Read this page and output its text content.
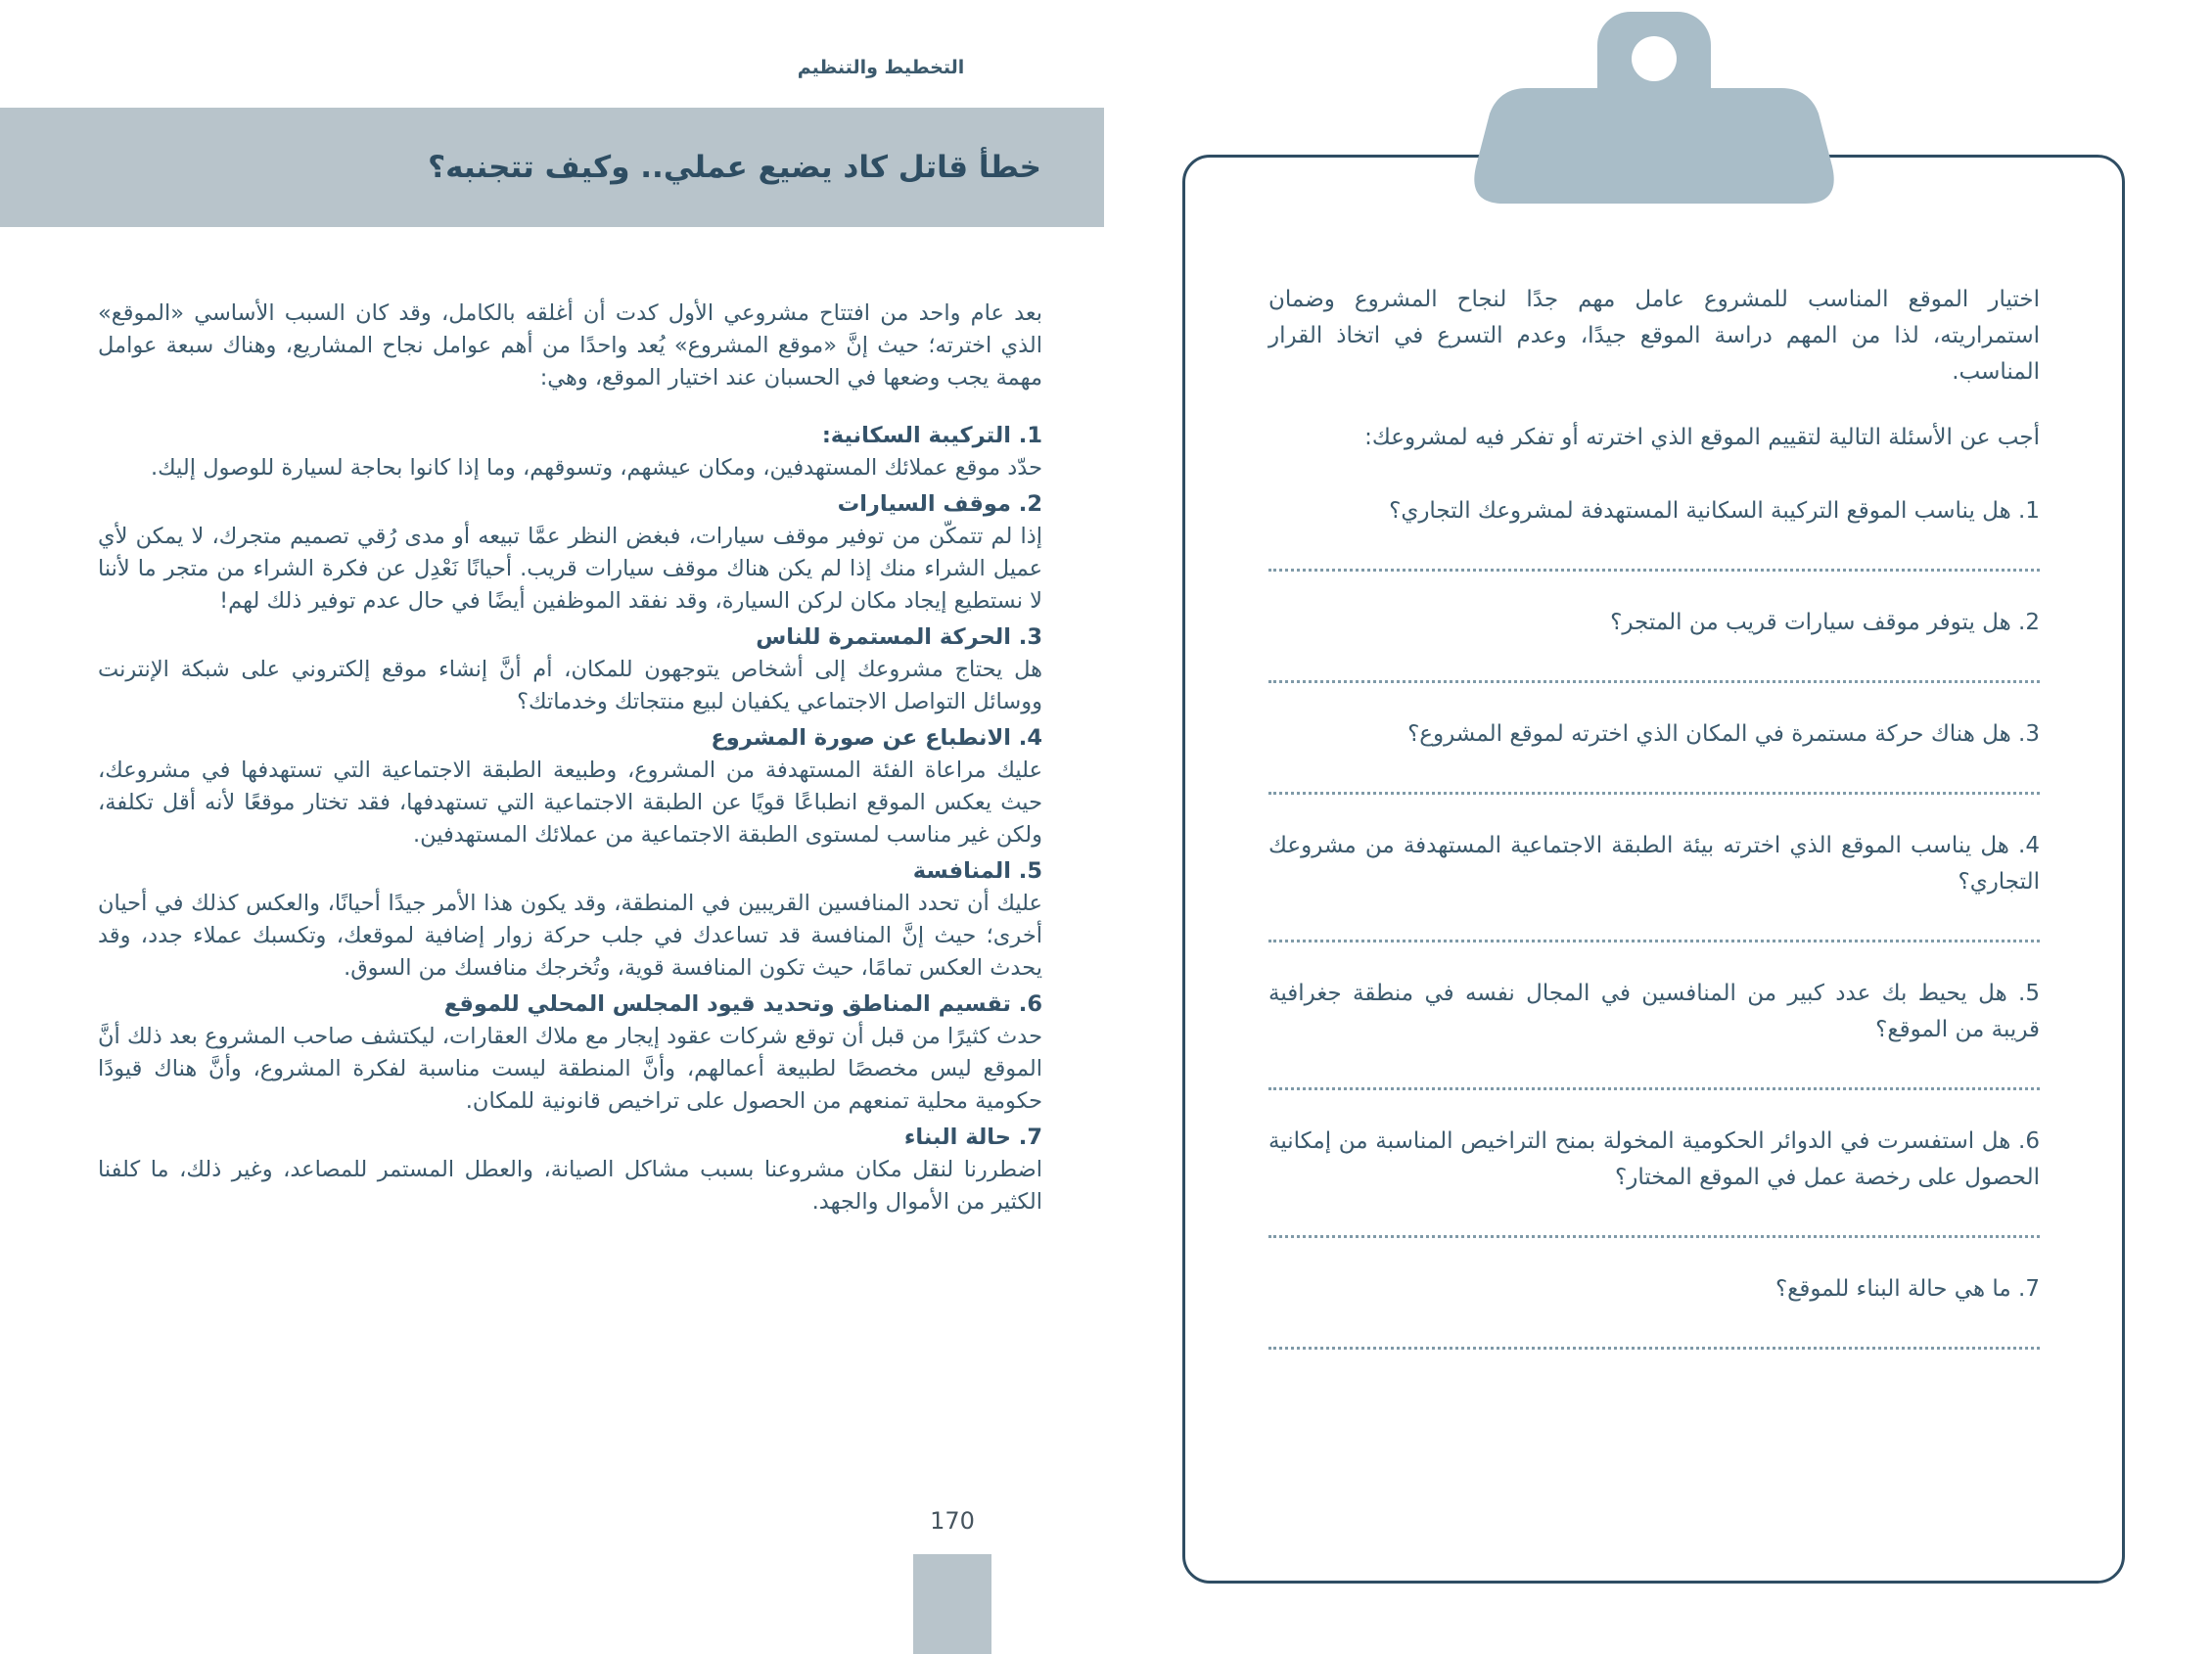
التخطيط والتنظيم
خطأ قاتل كاد يضيع عملي.. وكيف تتجنبه؟

بعد عام واحد من افتتاح مشروعي الأول كدت أن أغلقه بالكامل، وقد كان السبب الأساسي «الموقع» الذي اخترته؛ حيث إنَّ «موقع المشروع» يُعد واحدًا من أهم عوامل نجاح المشاريع، وهناك سبعة عوامل مهمة يجب وضعها في الحسبان عند اختيار الموقع، وهي:

1. التركيبة السكانية:

حدّد موقع عملائك المستهدفين، ومكان عيشهم، وتسوقهم، وما إذا كانوا بحاجة لسيارة للوصول إليك.

2. موقف السيارات

إذا لم تتمكّن من توفير موقف سيارات، فبغض النظر عمَّا تبيعه أو مدى رُقي تصميم متجرك، لا يمكن لأي عميل الشراء منك إذا لم يكن هناك موقف سيارات قريب. أحيانًا نَعْدِل عن فكرة الشراء من متجر ما لأننا لا نستطيع إيجاد مكان لركن السيارة، وقد نفقد الموظفين أيضًا في حال عدم توفير ذلك لهم!

3. الحركة المستمرة للناس

هل يحتاج مشروعك إلى أشخاص يتوجهون للمكان، أم أنَّ إنشاء موقع إلكتروني على شبكة الإنترنت ووسائل التواصل الاجتماعي يكفيان لبيع منتجاتك وخدماتك؟

4. الانطباع عن صورة المشروع

عليك مراعاة الفئة المستهدفة من المشروع، وطبيعة الطبقة الاجتماعية التي تستهدفها في مشروعك، حيث يعكس الموقع انطباعًا قويًا عن الطبقة الاجتماعية التي تستهدفها، فقد تختار موقعًا لأنه أقل تكلفة، ولكن غير مناسب لمستوى الطبقة الاجتماعية من عملائك المستهدفين.

5. المنافسة

عليك أن تحدد المنافسين القريبين في المنطقة، وقد يكون هذا الأمر جيدًا أحيانًا، والعكس كذلك في أحيان أخرى؛ حيث إنَّ المنافسة قد تساعدك في جلب حركة زوار إضافية لموقعك، وتكسبك عملاء جدد، وقد يحدث العكس تمامًا، حيث تكون المنافسة قوية، وتُخرجك منافسك من السوق.

6. تقسيم المناطق وتحديد قيود المجلس المحلي للموقع

حدث كثيرًا من قبل أن توقع شركات عقود إيجار مع ملاك العقارات، ليكتشف صاحب المشروع بعد ذلك أنَّ الموقع ليس مخصصًا لطبيعة أعمالهم، وأنَّ المنطقة ليست مناسبة لفكرة المشروع، وأنَّ هناك قيودًا حكومية محلية تمنعهم من الحصول على تراخيص قانونية للمكان.

7. حالة البناء

اضطررنا لنقل مكان مشروعنا بسبب مشاكل الصيانة، والعطل المستمر للمصاعد، وغير ذلك، ما كلفنا الكثير من الأموال والجهد.

170

اختيار الموقع المناسب للمشروع عامل مهم جدًا لنجاح المشروع وضمان استمراريته، لذا من المهم دراسة الموقع جيدًا، وعدم التسرع في اتخاذ القرار المناسب.

أجب عن الأسئلة التالية لتقييم الموقع الذي اخترته أو تفكر فيه لمشروعك:

1. هل يناسب الموقع التركيبة السكانية المستهدفة لمشروعك التجاري؟

2. هل يتوفر موقف سيارات قريب من المتجر؟

3. هل هناك حركة مستمرة في المكان الذي اخترته لموقع المشروع؟

4. هل يناسب الموقع الذي اخترته بيئة الطبقة الاجتماعية المستهدفة من مشروعك التجاري؟

5. هل يحيط بك عدد كبير من المنافسين في المجال نفسه في منطقة جغرافية قريبة من الموقع؟

6. هل استفسرت في الدوائر الحكومية المخولة بمنح التراخيص المناسبة من إمكانية الحصول على رخصة عمل في الموقع المختار؟

7. ما هي حالة البناء للموقع؟
